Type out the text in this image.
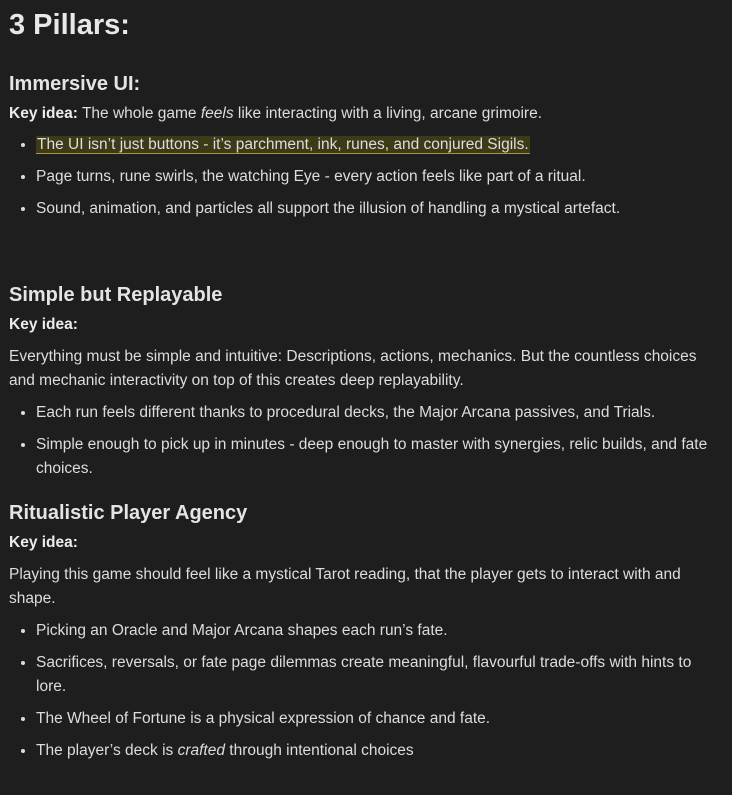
3 Pillars:
Immersive UI:

Key idea: The whole game feels like interacting with a living, arcane grimoire.

• The UI isn’t just buttons - it’s parchment, ink, runes, and conjured Sigils.
• Page turns, rune swirls, the watching Eye - every action feels like part of a ritual.
• Sound, animation, and particles all support the illusion of handling a mystical artefact.
Simple but Replayable

Key idea:

Everything must be simple and intuitive: Descriptions, actions, mechanics. But the countless choices and mechanic interactivity on top of this creates deep replayability.

• Each run feels different thanks to procedural decks, the Major Arcana passives, and Trials.
• Simple enough to pick up in minutes - deep enough to master with synergies, relic builds, and fate choices.
Ritualistic Player Agency

Key idea:

Playing this game should feel like a mystical Tarot reading, that the player gets to interact with and shape.

• Picking an Oracle and Major Arcana shapes each run’s fate.
• Sacrifices, reversals, or fate page dilemmas create meaningful, flavourful trade-offs with hints to lore.
• The Wheel of Fortune is a physical expression of chance and fate.
• The player’s deck is crafted through intentional choices
